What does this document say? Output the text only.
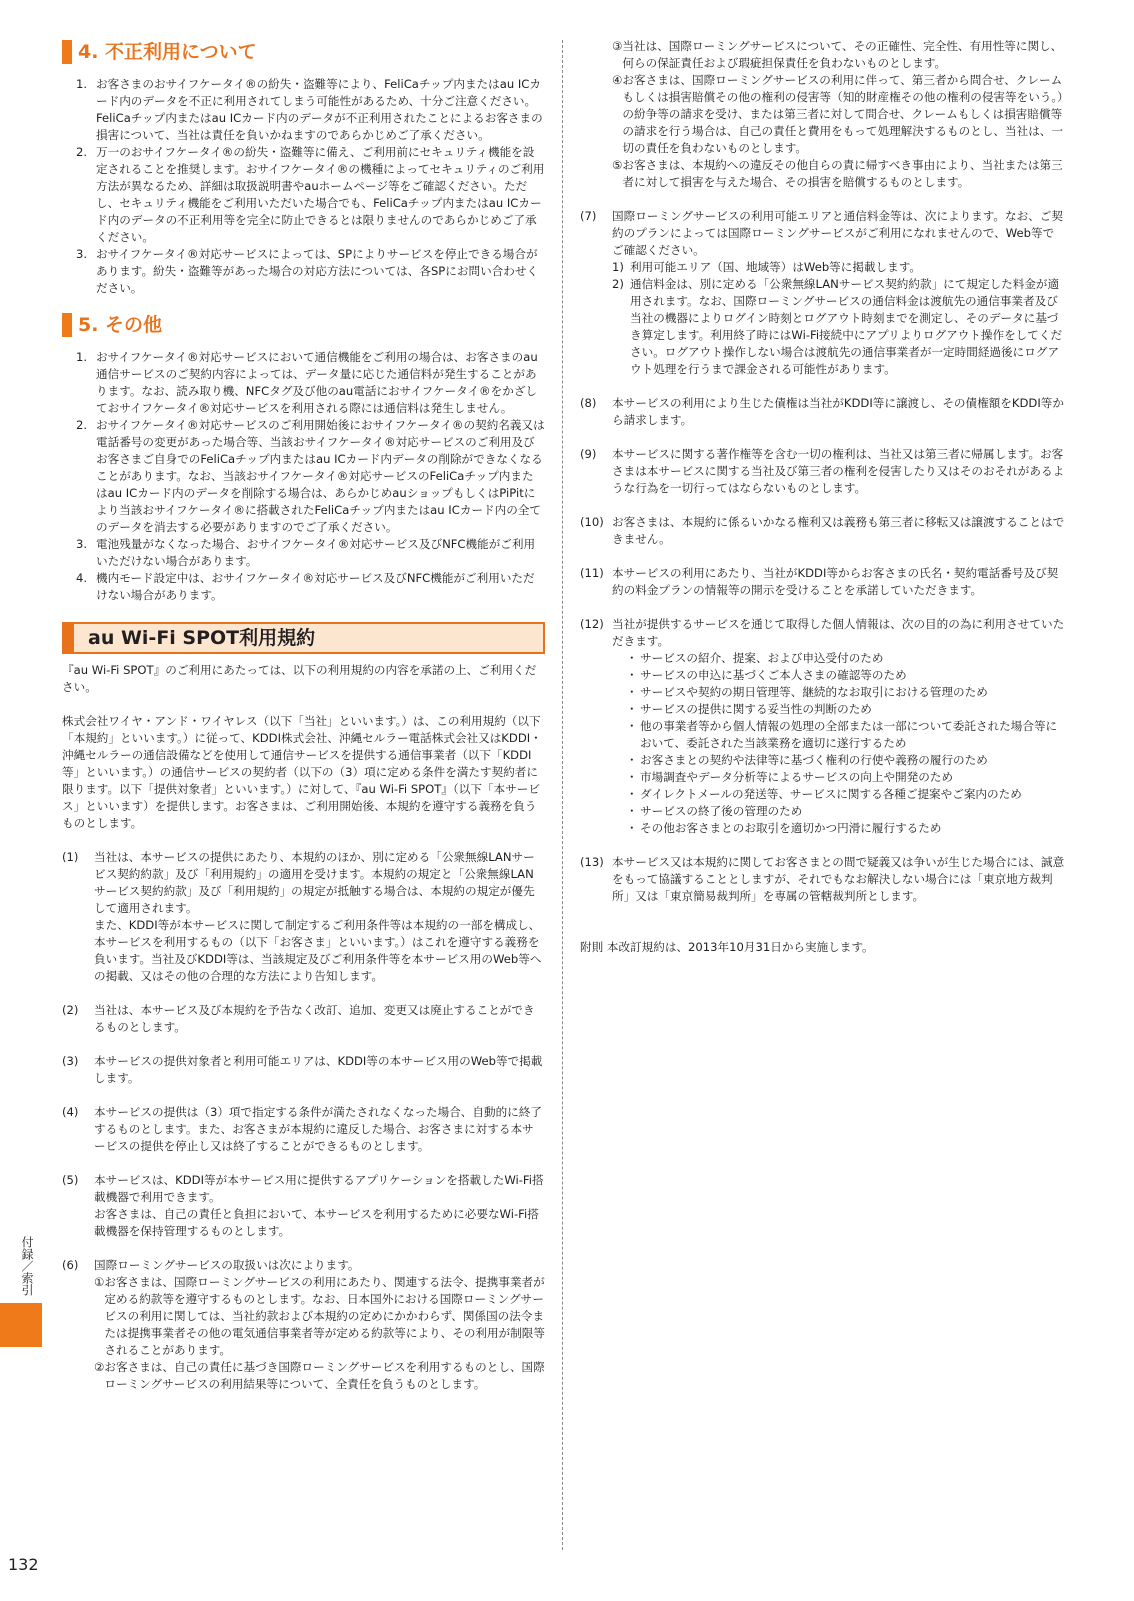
4. 不正利用について
1. お客さまのおサイフケータイ®の紛失・盗難等により、FeliCaチップ内またはau ICカード内のデータを不正に利用されてしまう可能性があるため、十分ご注意ください。FeliCaチップ内またはau ICカード内のデータが不正利用されたことによるお客さまの損害について、当社は責任を負いかねますのであらかじめご了承ください。
2. 万一のおサイフケータイ®の紛失・盗難等に備え、ご利用前にセキュリティ機能を設定されることを推奨します。おサイフケータイ®の機種によってセキュリティのご利用方法が異なるため、詳細は取扱説明書やauホームページ等をご確認ください。ただし、セキュリティ機能をご利用いただいた場合でも、FeliCaチップ内またはau ICカード内のデータの不正利用等を完全に防止できるとは限りませんのであらかじめご了承ください。
3. おサイフケータイ®対応サービスによっては、SPによりサービスを停止できる場合があります。紛失・盗難等があった場合の対応方法については、各SPにお問い合わせください。
5. その他
1. おサイフケータイ®対応サービスにおいて通信機能をご利用の場合は、お客さまのau通信サービスのご契約内容によっては、データ量に応じた通信料が発生することがあります。なお、読み取り機、NFCタグ及び他のau電話におサイフケータイ®をかざしておサイフケータイ®対応サービスを利用される際には通信料は発生しません。
2. おサイフケータイ®対応サービスのご利用開始後におサイフケータイ®の契約名義又は電話番号の変更があった場合等、当該おサイフケータイ®対応サービスのご利用及びお客さまご自身でのFeliCaチップ内またはau ICカード内データの削除ができなくなることがあります。なお、当該おサイフケータイ®対応サービスのFeliCaチップ内またはau ICカード内のデータを削除する場合は、あらかじめauショップもしくはPiPitにより当該おサイフケータイ®に搭載されたFeliCaチップ内またはau ICカード内の全てのデータを消去する必要がありますのでご了承ください。
3. 電池残量がなくなった場合、おサイフケータイ®対応サービス及びNFC機能がご利用いただけない場合があります。
4. 機内モード設定中は、おサイフケータイ®対応サービス及びNFC機能がご利用いただけない場合があります。
au Wi-Fi SPOT利用規約

『au Wi-Fi SPOT』のご利用にあたっては、以下の利用規約の内容を承諾の上、ご利用ください。

株式会社ワイヤ・アンド・ワイヤレス（以下「当社」といいます。）は、この利用規約（以下「本規約」といいます。）に従って、KDDI株式会社、沖縄セルラー電話株式会社又はKDDI・沖縄セルラーの通信設備などを使用して通信サービスを提供する通信事業者（以下「KDDI等」といいます。）の通信サービスの契約者（以下の（3）項に定める条件を満たす契約者に限ります。以下「提供対象者」といいます。）に対して、『au Wi-Fi SPOT』（以下「本サービス」といいます）を提供します。お客さまは、ご利用開始後、本規約を遵守する義務を負うものとします。

(1)	当社は、本サービスの提供にあたり、本規約のほか、別に定める「公衆無線LANサービス契約約款」及び「利用規約」の適用を受けます。本規約の規定と「公衆無線LANサービス契約約款」及び「利用規約」の規定が抵触する場合は、本規約の規定が優先して適用されます。

また、KDDI等が本サービスに関して制定するご利用条件等は本規約の一部を構成し、本サービスを利用するもの（以下「お客さま」といいます。）はこれを遵守する義務を負います。当社及びKDDI等は、当該規定及びご利用条件等を本サービス用のWeb等への掲載、又はその他の合理的な方法により告知します。

(2)	当社は、本サービス及び本規約を予告なく改訂、追加、変更又は廃止することができるものとします。

(3)	本サービスの提供対象者と利用可能エリアは、KDDI等の本サービス用のWeb等で掲載します。

(4)	本サービスの提供は（3）項で指定する条件が満たされなくなった場合、自動的に終了するものとします。また、お客さまが本規約に違反した場合、お客さまに対する本サービスの提供を停止し又は終了することができるものとします。

(5)	本サービスは、KDDI等が本サービス用に提供するアプリケーションを搭載したWi-Fi搭載機器で利用できます。

お客さまは、自己の責任と負担において、本サービスを利用するために必要なWi-Fi搭載機器を保持管理するものとします。

(6)	国際ローミングサービスの取扱いは次によります。

① お客さまは、国際ローミングサービスの利用にあたり、関連する法令、提携事業者が定める約款等を遵守するものとします。なお、日本国外における国際ローミングサービスの利用に関しては、当社約款および本規約の定めにかかわらず、関係国の法令または提携事業者その他の電気通信事業者等が定める約款等により、その利用が制限等されることがあります。
② お客さまは、自己の責任に基づき国際ローミングサービスを利用するものとし、国際ローミングサービスの利用結果等について、全責任を負うものとします。
③ 当社は、国際ローミングサービスについて、その正確性、完全性、有用性等に関し、何らの保証責任および瑕疵担保責任を負わないものとします。
④ お客さまは、国際ローミングサービスの利用に伴って、第三者から問合せ、クレームもしくは損害賠償その他の権利の侵害等（知的財産権その他の権利の侵害等をいう。）の紛争等の請求を受け、または第三者に対して問合せ、クレームもしくは損害賠償等の請求を行う場合は、自己の責任と費用をもって処理解決するものとし、当社は、一切の責任を負わないものとします。
⑤ お客さまは、本規約への違反その他自らの責に帰すべき事由により、当社または第三者に対して損害を与えた場合、その損害を賠償するものとします。
(7)	国際ローミングサービスの利用可能エリアと通信料金等は、次によります。なお、ご契約のプランによっては国際ローミングサービスがご利用になれませんので、Web等でご確認ください。

1) 利用可能エリア（国、地域等）はWeb等に掲載します。
2) 通信料金は、別に定める「公衆無線LANサービス契約約款」にて規定した料金が適用されます。なお、国際ローミングサービスの通信料金は渡航先の通信事業者及び当社の機器によりログイン時刻とログアウト時刻までを測定し、そのデータに基づき算定します。利用終了時にはWi-Fi接続中にアプリよりログアウト操作をしてください。ログアウト操作しない場合は渡航先の通信事業者が一定時間経過後にログアウト処理を行うまで課金される可能性があります。
(8)	本サービスの利用により生じた債権は当社がKDDI等に譲渡し、その債権額をKDDI等から請求します。

(9)	本サービスに関する著作権等を含む一切の権利は、当社又は第三者に帰属します。お客さまは本サービスに関する当社及び第三者の権利を侵害したり又はそのおそれがあるような行為を一切行ってはならないものとします。

(10) お客さまは、本規約に係るいかなる権利又は義務も第三者に移転又は譲渡することはできません。

(11) 本サービスの利用にあたり、当社がKDDI等からお客さまの氏名・契約電話番号及び契約の料金プランの情報等の開示を受けることを承諾していただきます。

(12) 当社が提供するサービスを通じて取得した個人情報は、次の目的の為に利用させていただきます。

・ サービスの紹介、提案、および申込受付のため
・ サービスの申込に基づくご本人さまの確認等のため
・ サービスや契約の期日管理等、継続的なお取引における管理のため
・ サービスの提供に関する妥当性の判断のため
・ 他の事業者等から個人情報の処理の全部または一部について委託された場合等において、委託された当該業務を適切に遂行するため
・ お客さまとの契約や法律等に基づく権利の行使や義務の履行のため
・ 市場調査やデータ分析等によるサービスの向上や開発のため
・ ダイレクトメールの発送等、サービスに関する各種ご提案やご案内のため
・ サービスの終了後の管理のため
・ その他お客さまとのお取引を適切かつ円滑に履行するため
(13) 本サービス又は本規約に関してお客さまとの間で疑義又は争いが生じた場合には、誠意をもって協議することとしますが、それでもなお解決しない場合には「東京地方裁判所」又は「東京簡易裁判所」を専属の管轄裁判所とします。

附則 本改訂規約は、2013年10月31日から実施します。

付録／索引
132
